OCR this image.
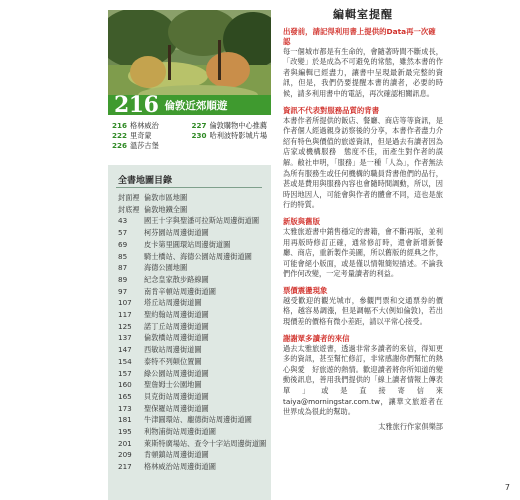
216 倫敦近郊順遊
216 格林威治	227 倫敦購物中心推薦
222 里奇蒙	230 哈利波特影城片場
226 溫莎古堡
全書地圖目錄
封面裡 倫敦市區地圖
封底裡 倫敦地鐵全圖
43	國王十字與聖潘可拉斯站周邊街道圖
57	柯芬園站周邊街道圖
69	皮卡第里圓環站周邊街道圖
85	騎士橋站、海德公園站周邊街道圖
87	海德公園地圖
89	紀念皇家散步路線圖
97	南肯辛頓站周邊街道圖
107	塔丘站周邊街道圖
117	聖約翰站周邊街道圖
125	諾丁丘站周邊街道圖
137	倫敦橋站周邊街道圖
147	西敏站周邊街道圖
154	泰特不列顛位置圖
157	綠公園站周邊街道圖
160	聖詹姆士公園地圖
165	貝克街站周邊街道圖
173	聖保羅站周邊街道圖
181	牛津圓環站、龐德街站周邊街道圖
195	利物浦街站周邊街道圖
201	萊斯特廣場站、查令十字站周邊街道圖
209	肯頓鎮站周邊街道圖
217	格林威治站周邊街道圖
編輯室提醒
出發前，請記得利用書上提供的Data再一次確認
每一個城市都是有生命的，會隨著時間不斷成長，「改變」於是成為不可避免的常態，雖然本書的作者與編輯已經盡力，讓書中呈現最新最完整的資訊，但是，我們仍要提醒本書的讀者，必要的時候，請多利用書中的電話，再次確認相關訊息。
資訊不代表對服務品質的背書
本書作者所提供的飯店、餐廳、商店等等資訊，是作者個人經過親身訪察後的分享，本書作者盡力介紹有特色與價值的旅遊資訊，但是過去有讀者因為店家或機構服務　態度不佳，而產生對作者的誤解。敝社申明，「服務」是一種「人為」，作者無法為所有服務生或任何機構的職員背書他們的品行，甚或是費用與服務內容也會隨時間調動，所以，因時因地因人，可能會與作者的體會不同，這也是旅行的特質。
新版與舊版
太雅旅遊書中銷售穩定的書籍，會不斷再版，並利用再版時修訂正確，通常修訂時，還會新增新餐廳、商店，重新製作美圖，所以舊版的經典之作，可能會絕小版面，或是僅以情報簡短描述。不論我們作何改變，一定考量讀者的利益。
票價震盪現象
越受歡迎的觀光城市，參觀門票和交通票券的價格，越容易調漲，但是調幅不大(例如倫敦)，若出現價差的價格有微小差距，請以平常心接受。
謝謝眾多讀者的來信
過去太雅旅遊書，透過非常多讀者的來信，得知更多的資訊，甚至幫忙修訂，非常感謝你們幫忙的熱心與愛　好旅遊的熱情。歡迎讀者將你所知道的變動後訊息，善用我們提供的「線上讀者情報上傳表單」或是直接寄信來taiya@morningstar.com.tw，讓華文旅遊者在世界成為很此的幫助。
太雅旅行作家俱樂部
7
